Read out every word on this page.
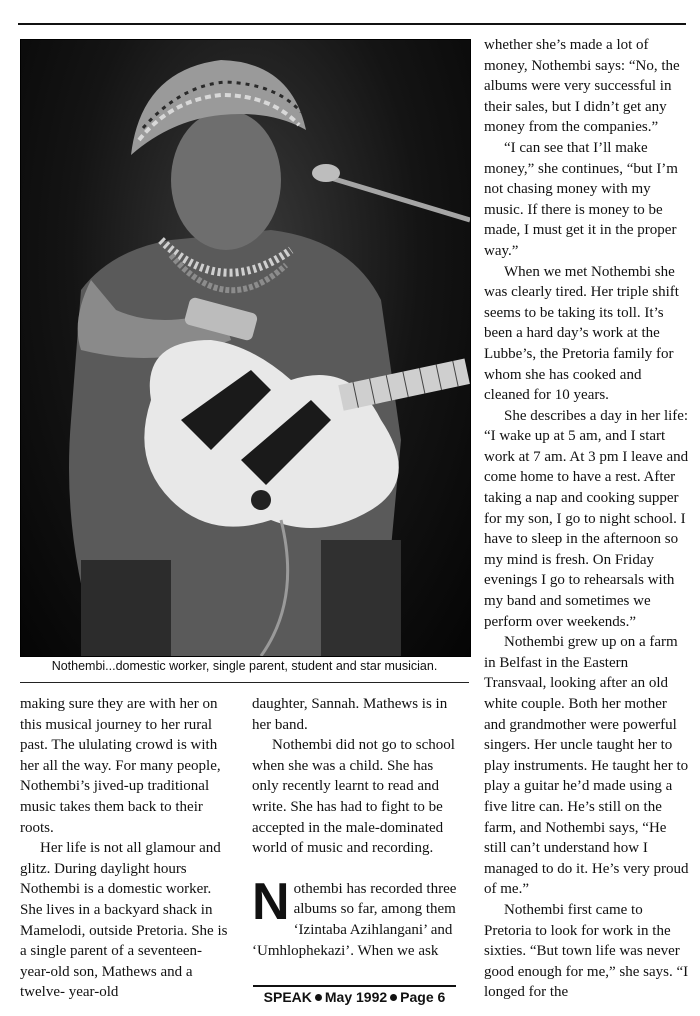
Nothembi...domestic worker, single parent, student and star musician.

making sure they are with her on this musical journey to her rural past. The ululating crowd is with her all the way. For many people, Nothembi’s jived-up traditional music takes them back to their roots.

Her life is not all glamour and glitz. During daylight hours Nothembi is a domestic worker. She lives in a backyard shack in Mamelodi, outside Pretoria. She is a single parent of a seventeen-year-old son, Mathews and a twelve- year-old

daughter, Sannah. Mathews is in her band.

Nothembi did not go to school when she was a child. She has only recently learnt to read and write. She has had to fight to be accepted in the male-dominated world of music and recording.

Nothembi has recorded three albums so far, among them ‘Izintaba Azihlangani’ and ‘Umhlophekazi’. When we ask

whether she’s made a lot of money, Nothembi says: “No, the albums were very successful in their sales, but I didn’t get any money from the companies.”

“I can see that I’ll make money,” she continues, “but I’m not chasing money with my music. If there is money to be made, I must get it in the proper way.”

When we met Nothembi she was clearly tired. Her triple shift seems to be taking its toll. It’s been a hard day’s work at the Lubbe’s, the Pretoria family for whom she has cooked and cleaned for 10 years.

She describes a day in her life: “I wake up at 5 am, and I start work at 7 am. At 3 pm I leave and come home to have a rest. After taking a nap and cooking supper for my son, I go to night school. I have to sleep in the afternoon so my mind is fresh. On Friday evenings I go to rehearsals with my band and sometimes we perform over weekends.”

Nothembi grew up on a farm in Belfast in the Eastern Transvaal, looking after an old white couple. Both her mother and grandmother were powerful singers. Her uncle taught her to play instruments. He taught her to play a guitar he’d made using a five litre can. He’s still on the farm, and Nothembi says, “He still can’t understand how I managed to do it. He’s very proud of me.”

Nothembi first came to Pretoria to look for work in the sixties. “But town life was never good enough for me,” she says. “I longed for the

SPEAK May 1992 Page 6
